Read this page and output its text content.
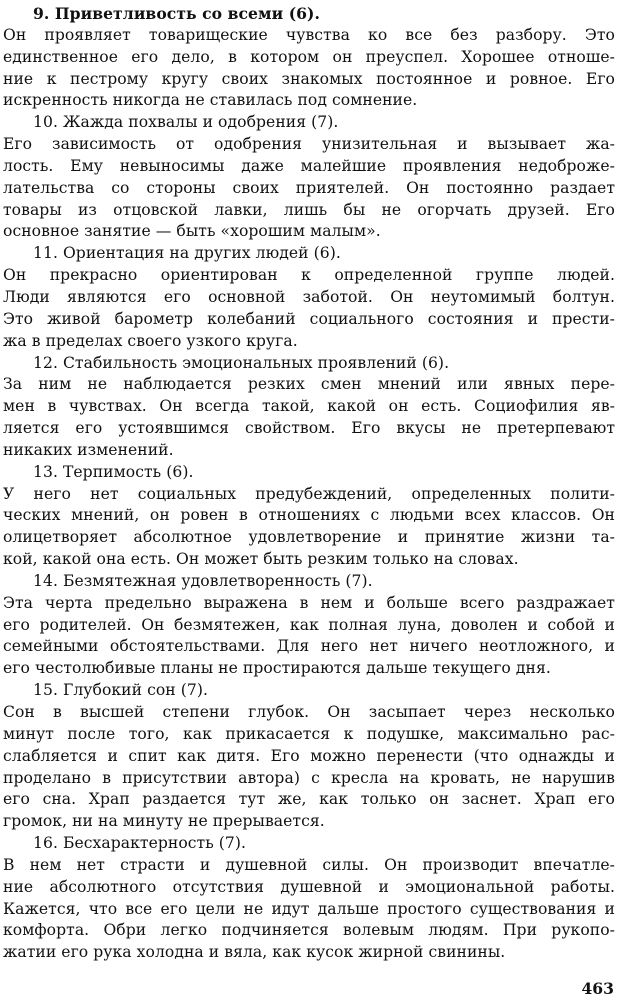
9. Приветливость со всеми (6).
Он проявляет товарищеские чувства ко все без разбору. Это
единственное его дело, в котором он преуспел. Хорошее отноше-
ние к пестрому кругу своих знакомых постоянное и ровное. Его
искренность никогда не ставилась под сомнение.
10. Жажда похвалы и одобрения (7).
Его зависимость от одобрения унизительная и вызывает жа-
лость. Ему невыносимы даже малейшие проявления недоброже-
лательства со стороны своих приятелей. Он постоянно раздает
товары из отцовской лавки, лишь бы не огорчать друзей. Его
основное занятие — быть «хорошим малым».
11. Ориентация на других людей (6).
Он прекрасно ориентирован к определенной группе людей.
Люди являются его основной заботой. Он неутомимый болтун.
Это живой барометр колебаний социального состояния и прести-
жа в пределах своего узкого круга.
12. Стабильность эмоциональных проявлений (6).
За ним не наблюдается резких смен мнений или явных пере-
мен в чувствах. Он всегда такой, какой он есть. Социофилия яв-
ляется его устоявшимся свойством. Его вкусы не претерпевают
никаких изменений.
13. Терпимость (6).
У него нет социальных предубеждений, определенных полити-
ческих мнений, он ровен в отношениях с людьми всех классов. Он
олицетворяет абсолютное удовлетворение и принятие жизни та-
кой, какой она есть. Он может быть резким только на словах.
14. Безмятежная удовлетворенность (7).
Эта черта предельно выражена в нем и больше всего раздражает
его родителей. Он безмятежен, как полная луна, доволен и собой и
семейными обстоятельствами. Для него нет ничего неотложного, и
его честолюбивые планы не простираются дальше текущего дня.
15. Глубокий сон (7).
Сон в высшей степени глубок. Он засыпает через несколько
минут после того, как прикасается к подушке, максимально рас-
слабляется и спит как дитя. Его можно перенести (что однажды и
проделано в присутствии автора) с кресла на кровать, не нарушив
его сна. Храп раздается тут же, как только он заснет. Храп его
громок, ни на минуту не прерывается.
16. Бесхарактерность (7).
В нем нет страсти и душевной силы. Он производит впечатле-
ние абсолютного отсутствия душевной и эмоциональной работы.
Кажется, что все его цели не идут дальше простого существования и
комфорта. Обри легко подчиняется волевым людям. При рукопо-
жатии его рука холодна и вяла, как кусок жирной свинины.
463
